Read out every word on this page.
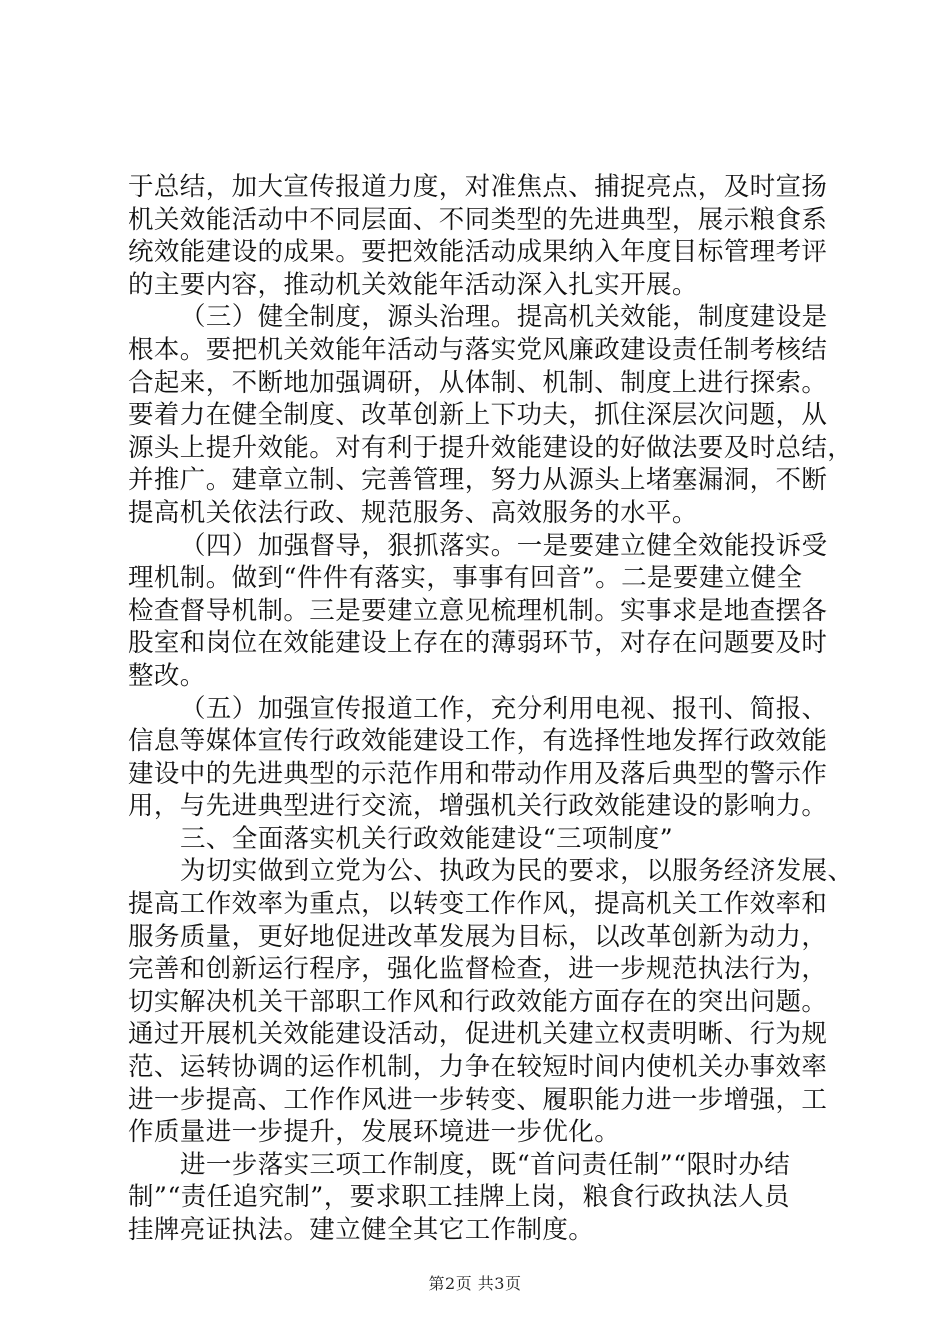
于总结，加大宣传报道力度，对准焦点、捕捉亮点，及时宣扬
机关效能活动中不同层面、不同类型的先进典型，展示粮食系
统效能建设的成果。要把效能活动成果纳入年度目标管理考评
的主要内容，推动机关效能年活动深入扎实开展。
（三）健全制度，源头治理。提高机关效能，制度建设是
根本。要把机关效能年活动与落实党风廉政建设责任制考核结
合起来，不断地加强调研，从体制、机制、制度上进行探索。
要着力在健全制度、改革创新上下功夫，抓住深层次问题，从
源头上提升效能。对有利于提升效能建设的好做法要及时总结，
并推广。建章立制、完善管理，努力从源头上堵塞漏洞，不断
提高机关依法行政、规范服务、高效服务的水平。
（四）加强督导，狠抓落实。一是要建立健全效能投诉受
理机制。做到“件件有落实，事事有回音”。二是要建立健全
检查督导机制。三是要建立意见梳理机制。实事求是地查摆各
股室和岗位在效能建设上存在的薄弱环节，对存在问题要及时
整改。
（五）加强宣传报道工作，充分利用电视、报刊、简报、
信息等媒体宣传行政效能建设工作，有选择性地发挥行政效能
建设中的先进典型的示范作用和带动作用及落后典型的警示作
用，与先进典型进行交流，增强机关行政效能建设的影响力。
三、全面落实机关行政效能建设“三项制度”
为切实做到立党为公、执政为民的要求，以服务经济发展、
提高工作效率为重点，以转变工作作风，提高机关工作效率和
服务质量，更好地促进改革发展为目标，以改革创新为动力，
完善和创新运行程序，强化监督检查，进一步规范执法行为，
切实解决机关干部职工作风和行政效能方面存在的突出问题。
通过开展机关效能建设活动，促进机关建立权责明晰、行为规
范、运转协调的运作机制，力争在较短时间内使机关办事效率
进一步提高、工作作风进一步转变、履职能力进一步增强，工
作质量进一步提升，发展环境进一步优化。
进一步落实三项工作制度，既“首问责任制”“限时办结
制”“责任追究制”，要求职工挂牌上岗，粮食行政执法人员
挂牌亮证执法。建立健全其它工作制度。
第2页 共3页
